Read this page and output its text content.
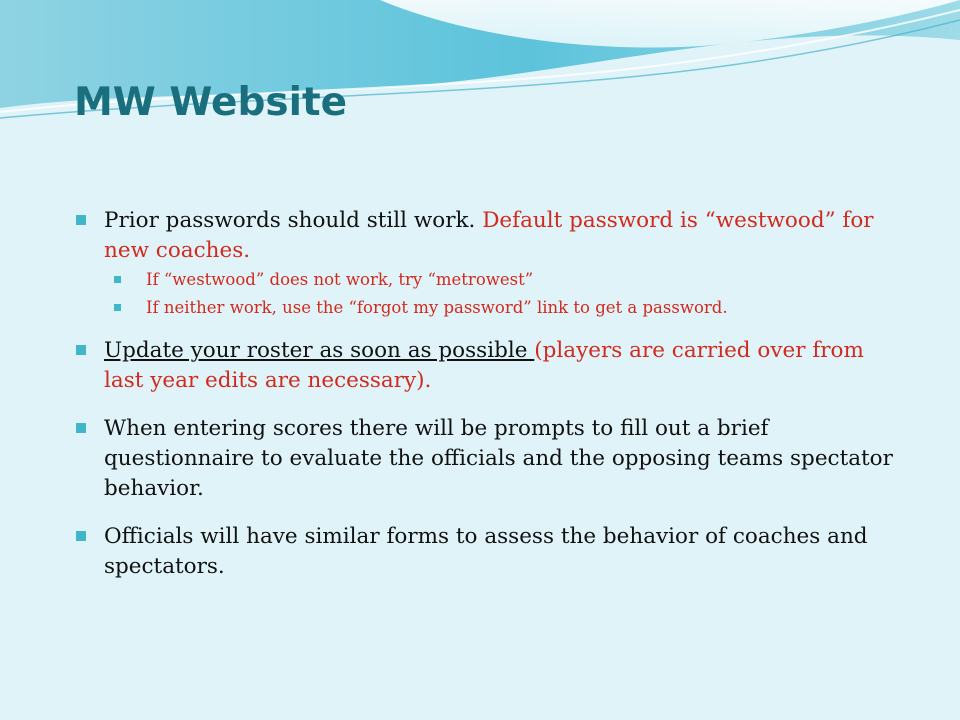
MW Website
Prior passwords should still work. Default password is “westwood” for new coaches.
If “westwood” does not work, try “metrowest”
If neither work, use the “forgot my password” link to get a password.
Update your roster as soon as possible (players are carried over from last year edits are necessary).
When entering scores there will be prompts to fill out a brief questionnaire to evaluate the officials and the opposing teams spectator behavior.
Officials will have similar forms to assess the behavior of coaches and spectators.
